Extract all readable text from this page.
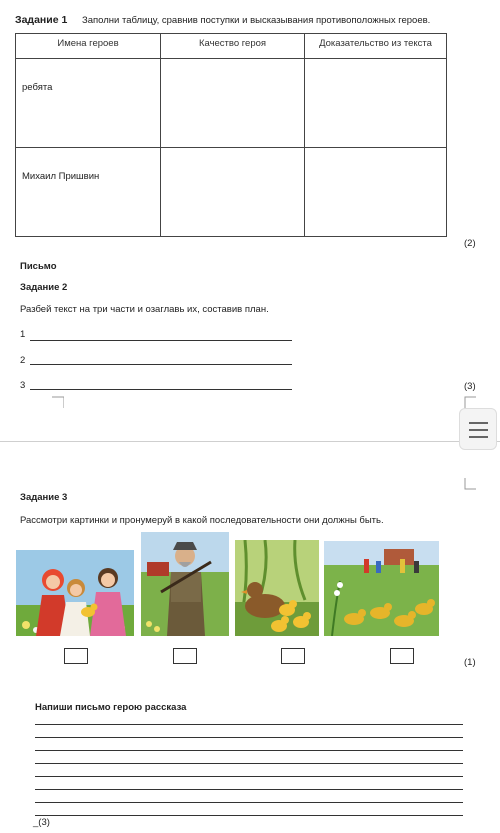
Задание 1 Заполни таблицу, сравнив поступки и высказывания противоположных героев.
Имена героев	Качество героя	Доказательство из текста
ребята
Михаил Пришвин
(2)
Письмо
Задание 2
Разбей текст на три части и озаглавь их, составив план.
1
2
3	(3)
Задание 3
Рассмотри картинки и пронумеруй в какой последовательности они должны быть.
(1)
Напиши письмо герою рассказа
_(3)
